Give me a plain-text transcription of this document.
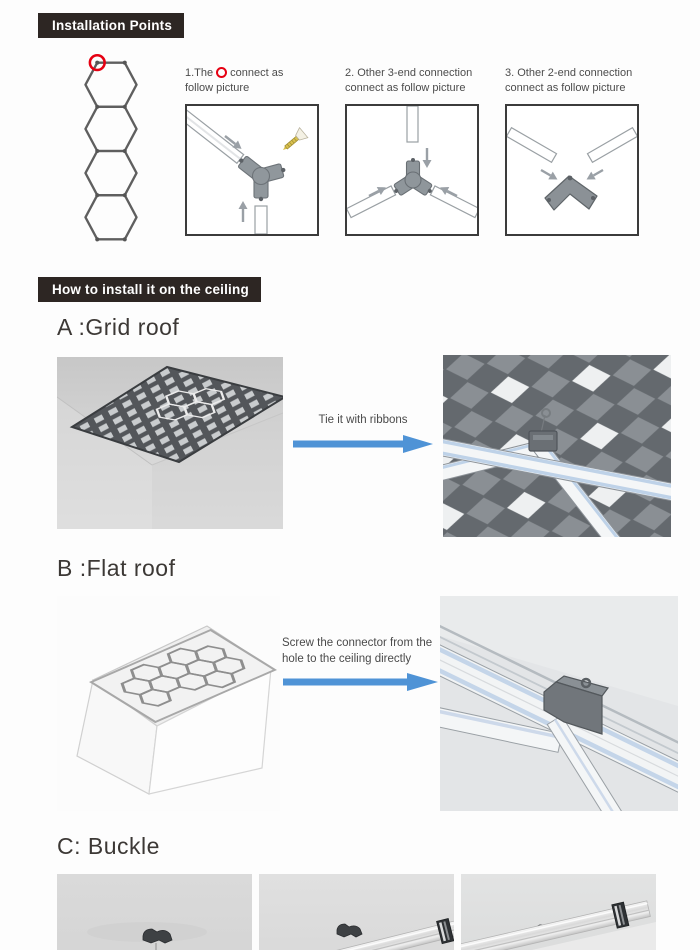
Installation Points
1.The connect as
follow picture
2. Other 3-end connection
connect as follow picture
3. Other 2-end connection
connect as follow picture
How to install it on the ceiling
A :Grid roof
Tie it with ribbons
B :Flat roof
Screw the connector from the hole to the ceiling directly
C: Buckle
